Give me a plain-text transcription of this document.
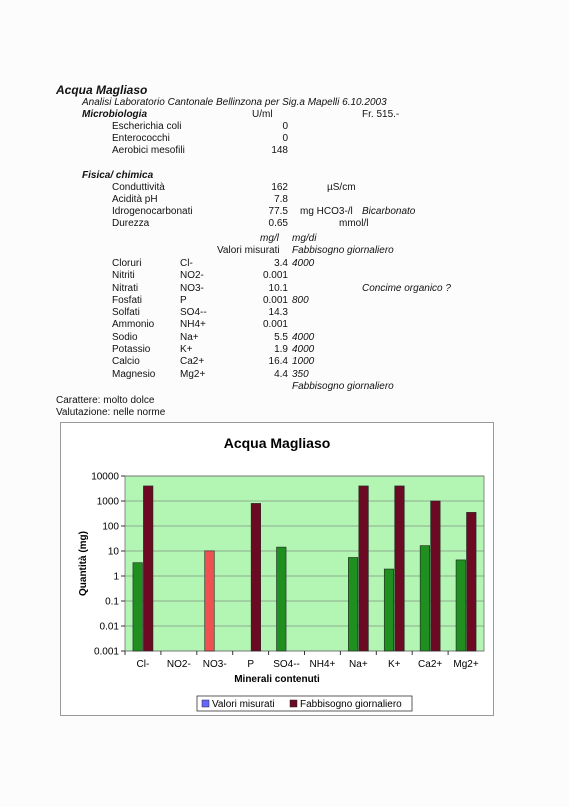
Acqua Magliaso
Analisi Laboratorio Cantonale Bellinzona per Sig.a Mapelli 6.10.2003
Microbiologia	U/ml	Fr. 515.-
Escherichia coli	0
Enterococchi	0
Aerobici mesofili	148
Fisica/ chimica
Conduttività	162	µS/cm
Acidità pH	7.8
Idrogenocarbonati	77.5 mg HCO3-/l Bicarbonato
Durezza	0.65	mmol/l
mg/l mg/di
Valori misurati Fabbisogno giornaliero
Cloruri	Cl-	3.4 4000
Nitriti	NO2-	0.001
Nitrati	NO3-	10.1	Concime organico ?
Fosfati	P	0.001 800
Solfati	SO4--	14.3
Ammonio	NH4+	0.001
Sodio	Na+	5.5 4000
Potassio	K+	1.9 4000
Calcio	Ca2+	16.4 1000
Magnesio Mg2+	4.4 350
Fabbisogno giornaliero
Carattere: molto dolce
Valutazione: nelle norme
Acqua Magliaso
0.001
0.01
0.1
1
10
100
1000
10000
Cl- NO2- NO3- P SO4-- NH4+ Na+ K+ Ca2+ Mg2+
Minerali contenuti
Quantità (mg)
Valori misurati	Fabbisogno giornaliero
